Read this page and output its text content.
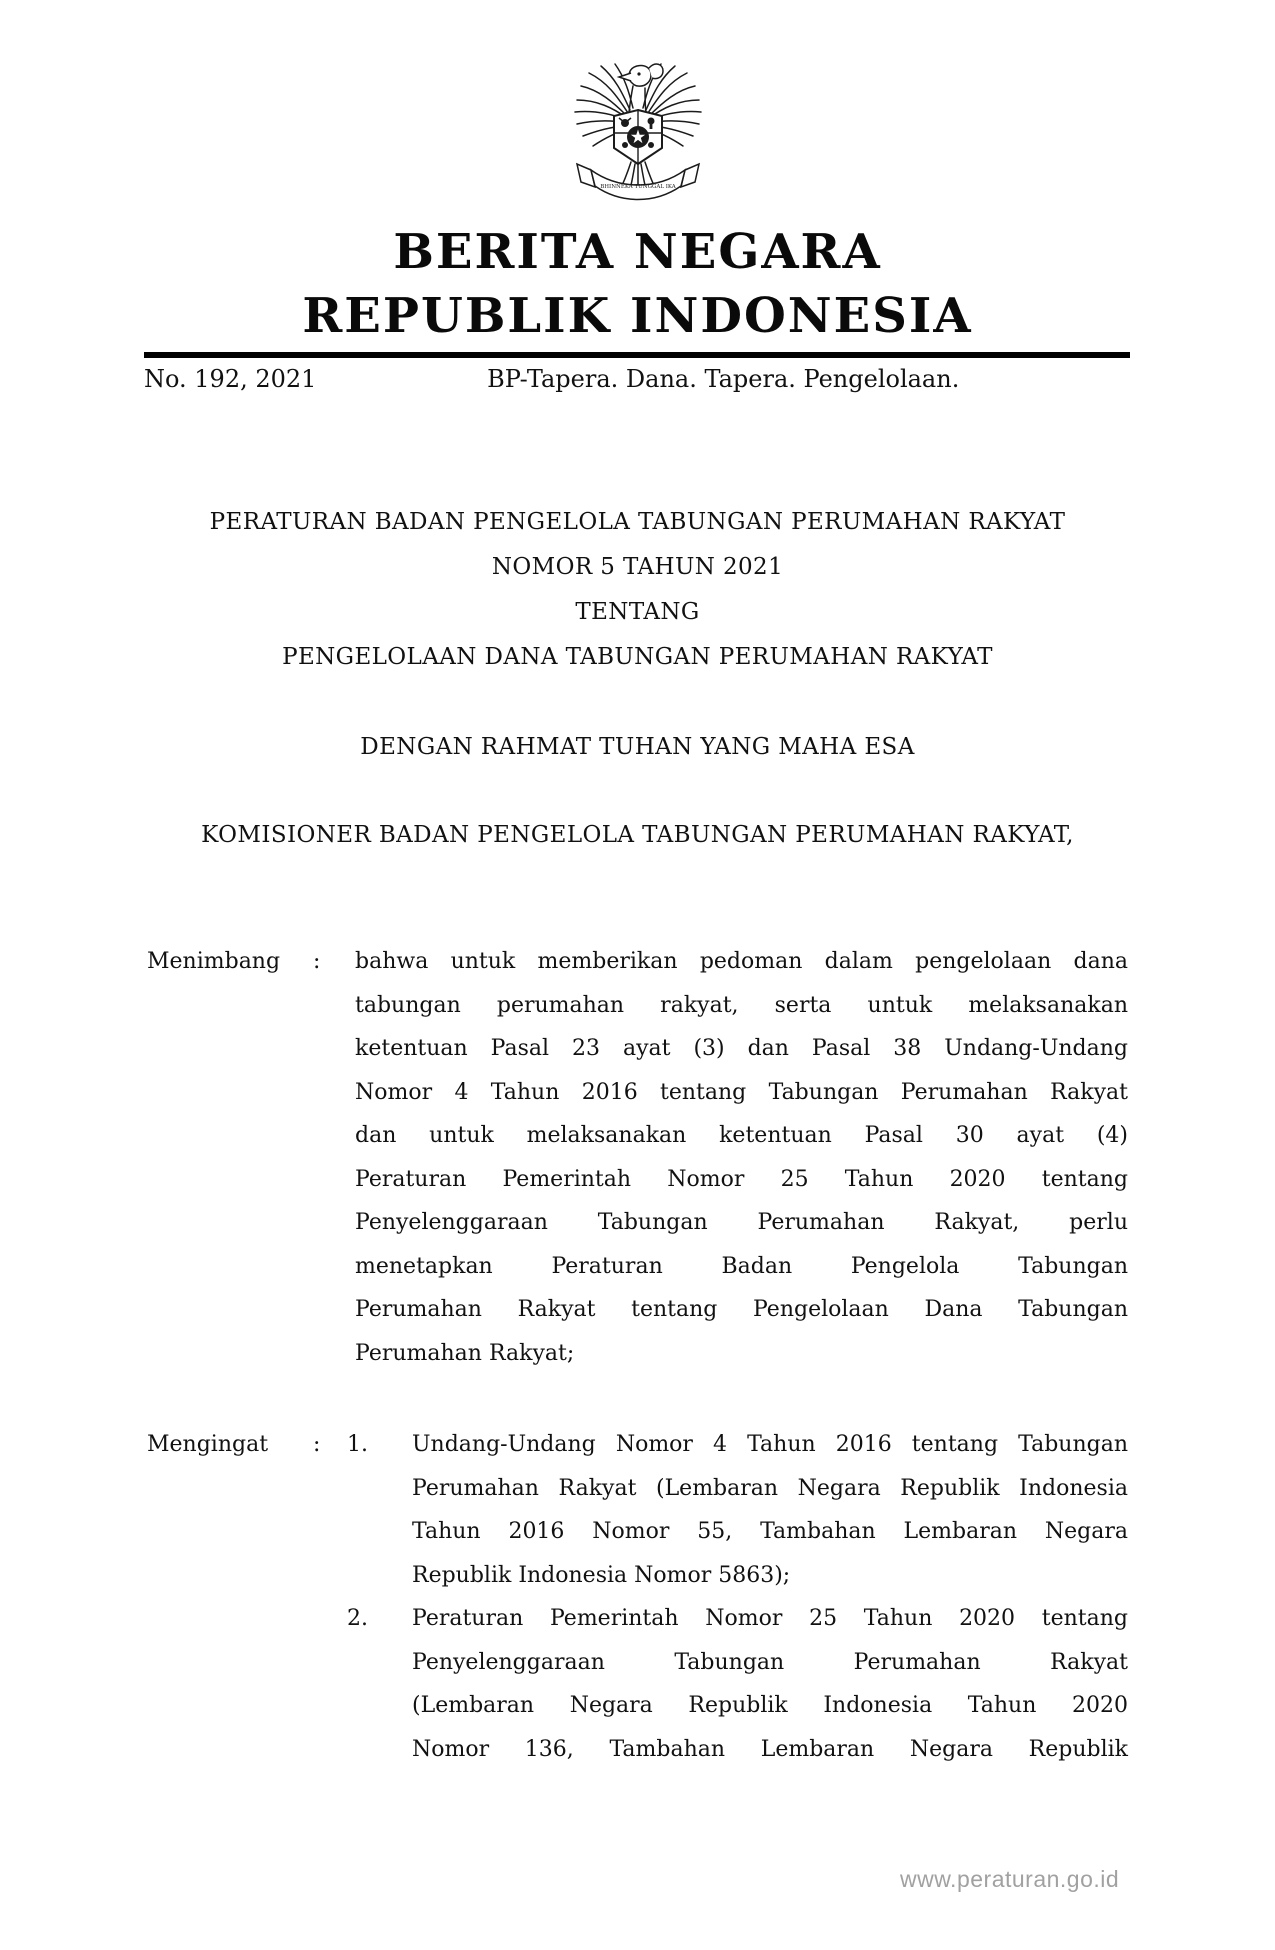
BHINNEKA TUNGGAL IKA
BERITA NEGARA
REPUBLIK INDONESIA
No. 192, 2021	BP-Tapera. Dana. Tapera. Pengelolaan.
PERATURAN BADAN PENGELOLA TABUNGAN PERUMAHAN RAKYAT
NOMOR 5 TAHUN 2021
TENTANG
PENGELOLAAN DANA TABUNGAN PERUMAHAN RAKYAT
DENGAN RAHMAT TUHAN YANG MAHA ESA
KOMISIONER BADAN PENGELOLA TABUNGAN PERUMAHAN RAKYAT,
Menimbang	:	bahwa untuk memberikan pedoman dalam pengelolaan dana
tabungan perumahan rakyat, serta untuk melaksanakan
ketentuan Pasal 23 ayat (3) dan Pasal 38 Undang-Undang
Nomor 4 Tahun 2016 tentang Tabungan Perumahan Rakyat
dan untuk melaksanakan ketentuan Pasal 30 ayat (4)
Peraturan Pemerintah Nomor 25 Tahun 2020 tentang
Penyelenggaraan Tabungan Perumahan Rakyat, perlu
menetapkan Peraturan Badan Pengelola Tabungan
Perumahan Rakyat tentang Pengelolaan Dana Tabungan
Perumahan Rakyat;
Mengingat	:	1.	Undang-Undang Nomor 4 Tahun 2016 tentang Tabungan
Perumahan Rakyat (Lembaran Negara Republik Indonesia
Tahun 2016 Nomor 55, Tambahan Lembaran Negara
Republik Indonesia Nomor 5863);
2.	Peraturan Pemerintah Nomor 25 Tahun 2020 tentang
Penyelenggaraan Tabungan Perumahan Rakyat
(Lembaran Negara Republik Indonesia Tahun 2020
Nomor 136, Tambahan Lembaran Negara Republik
www.peraturan.go.id
